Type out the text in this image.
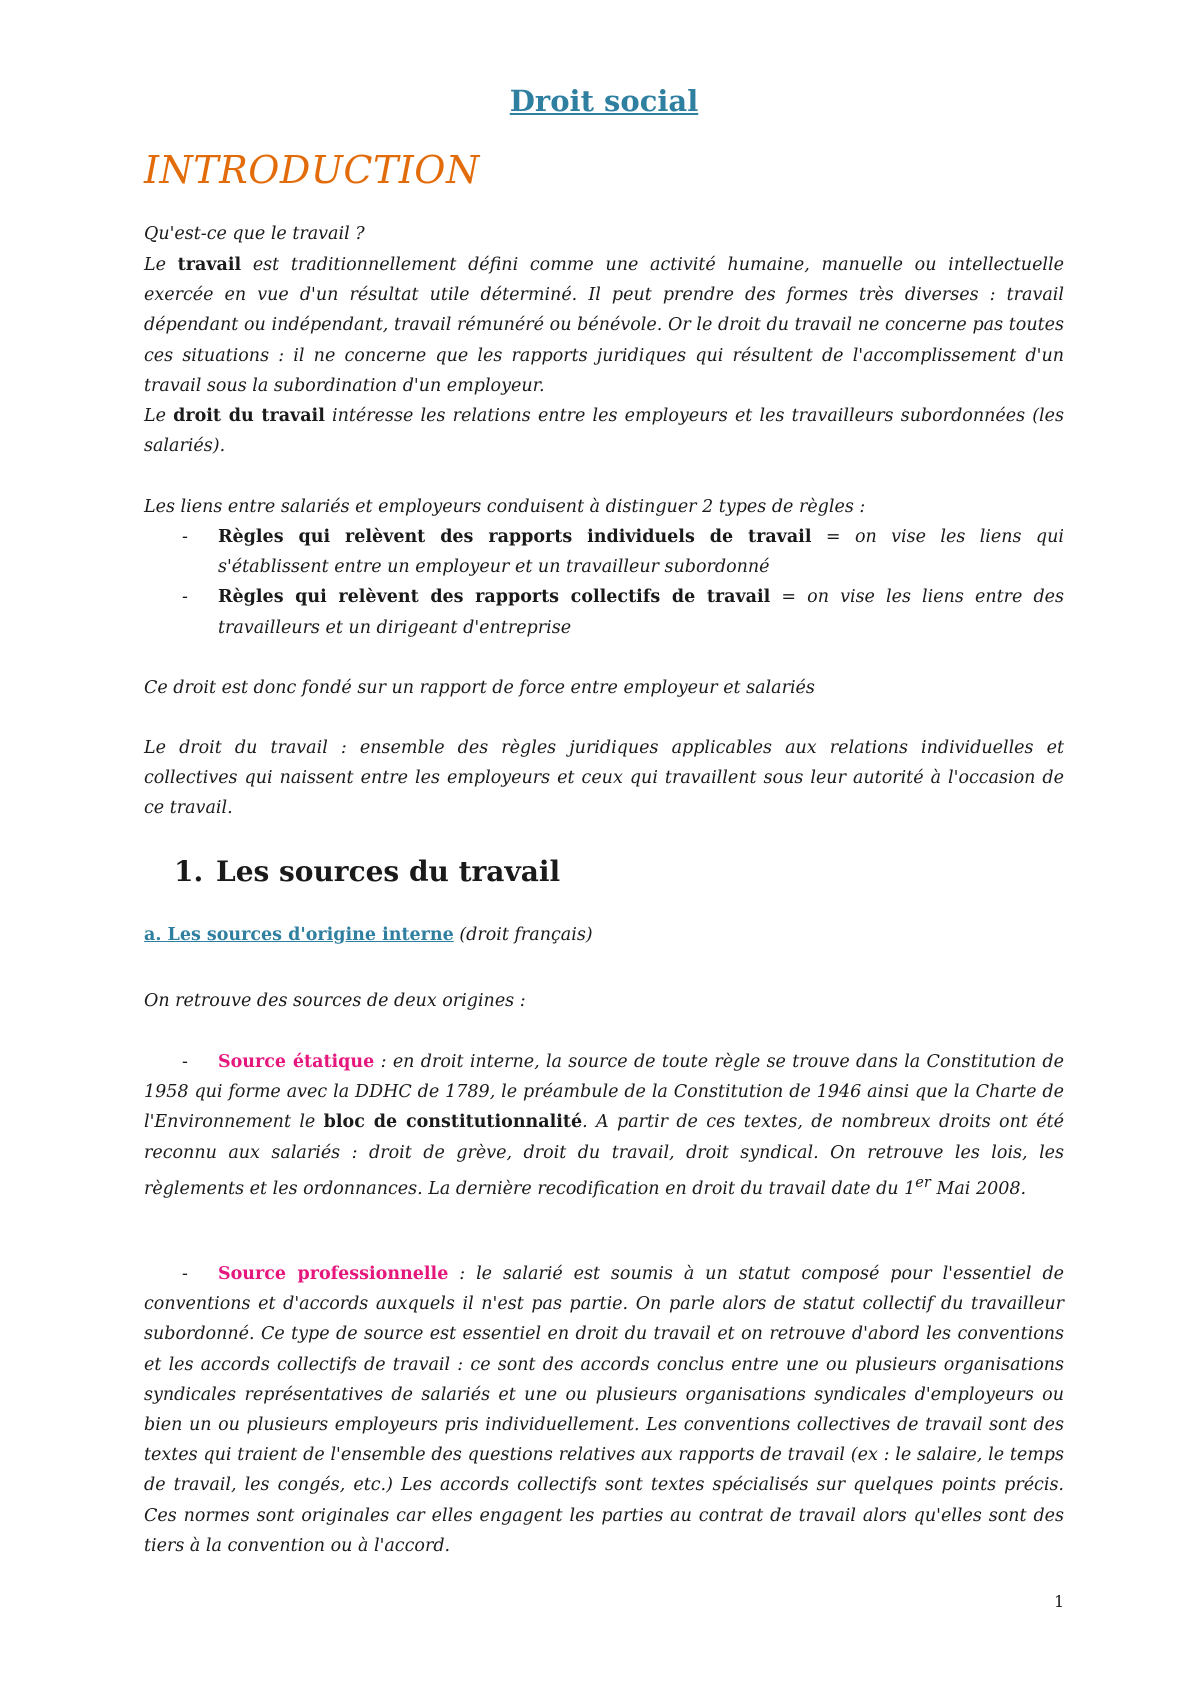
Droit social
INTRODUCTION
Qu'est-ce que le travail ?

Le travail est traditionnellement défini comme une activité humaine, manuelle ou intellectuelle exercée en vue d'un résultat utile déterminé. Il peut prendre des formes très diverses : travail dépendant ou indépendant, travail rémunéré ou bénévole. Or le droit du travail ne concerne pas toutes ces situations : il ne concerne que les rapports juridiques qui résultent de l'accomplissement d'un travail sous la subordination d'un employeur.

Le droit du travail intéresse les relations entre les employeurs et les travailleurs subordonnées (les salariés).

Les liens entre salariés et employeurs conduisent à distinguer 2 types de règles :

- Règles qui relèvent des rapports individuels de travail = on vise les liens qui s'établissent entre un employeur et un travailleur subordonné
- Règles qui relèvent des rapports collectifs de travail = on vise les liens entre des travailleurs et un dirigeant d'entreprise

Ce droit est donc fondé sur un rapport de force entre employeur et salariés

Le droit du travail : ensemble des règles juridiques applicables aux relations individuelles et collectives qui naissent entre les employeurs et ceux qui travaillent sous leur autorité à l'occasion de ce travail.

1. Les sources du travail

a. Les sources d'origine interne (droit français)

On retrouve des sources de deux origines :

- Source étatique : en droit interne, la source de toute règle se trouve dans la Constitution de 1958 qui forme avec la DDHC de 1789, le préambule de la Constitution de 1946 ainsi que la Charte de l'Environnement le bloc de constitutionnalité. A partir de ces textes, de nombreux droits ont été reconnu aux salariés : droit de grève, droit du travail, droit syndical. On retrouve les lois, les règlements et les ordonnances. La dernière recodification en droit du travail date du 1er Mai 2008.

- Source professionnelle : le salarié est soumis à un statut composé pour l'essentiel de conventions et d'accords auxquels il n'est pas partie. On parle alors de statut collectif du travailleur subordonné. Ce type de source est essentiel en droit du travail et on retrouve d'abord les conventions et les accords collectifs de travail : ce sont des accords conclus entre une ou plusieurs organisations syndicales représentatives de salariés et une ou plusieurs organisations syndicales d'employeurs ou bien un ou plusieurs employeurs pris individuellement. Les conventions collectives de travail sont des textes qui traient de l'ensemble des questions relatives aux rapports de travail (ex : le salaire, le temps de travail, les congés, etc.) Les accords collectifs sont textes spécialisés sur quelques points précis. Ces normes sont originales car elles engagent les parties au contrat de travail alors qu'elles sont des tiers à la convention ou à l'accord.

1
